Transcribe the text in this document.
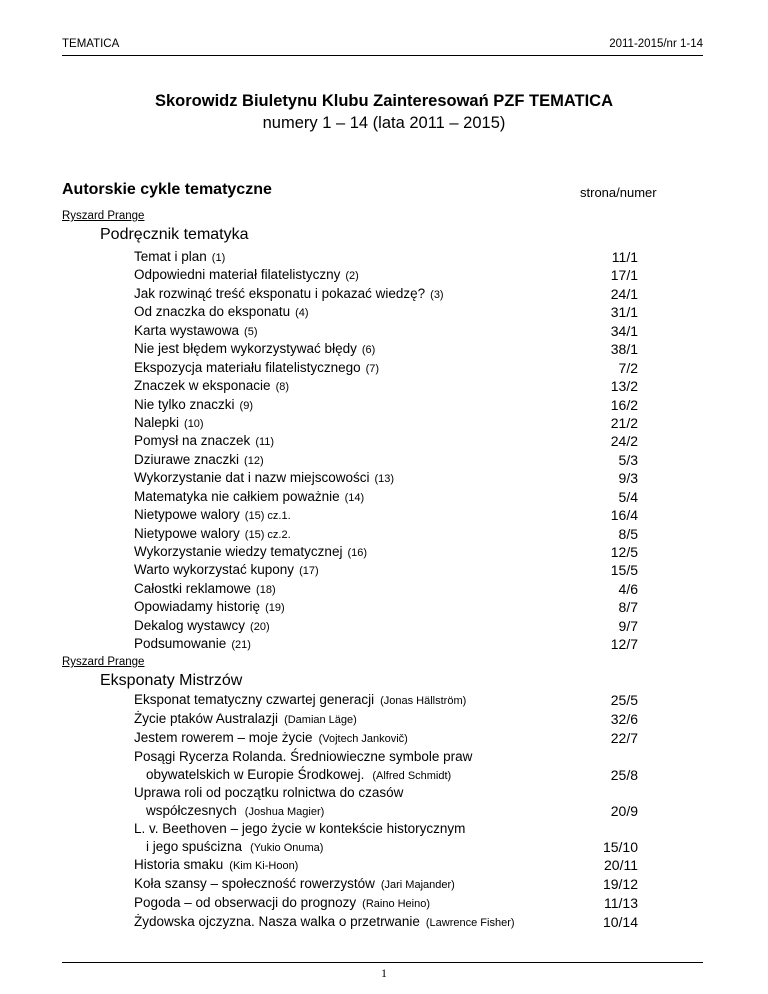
TEMATICA	2011-2015/nr 1-14
Skorowidz Biuletynu Klubu Zainteresowań PZF TEMATICA
numery 1 – 14 (lata 2011 – 2015)
Autorskie cykle tematyczne	strona/numer
Ryszard Prange
Podręcznik tematyka
Temat i plan (1)	11/1
Odpowiedni materiał filatelistyczny (2)	17/1
Jak rozwinąć treść eksponatu i pokazać wiedzę? (3)	24/1
Od znaczka do eksponatu (4)	31/1
Karta wystawowa (5)	34/1
Nie jest błędem wykorzystywać błędy (6)	38/1
Ekspozycja materiału filatelistycznego (7)	7/2
Znaczek w eksponacie (8)	13/2
Nie tylko znaczki (9)	16/2
Nalepki (10)	21/2
Pomysł na znaczek (11)	24/2
Dziurawe znaczki (12)	5/3
Wykorzystanie dat i nazw miejscowości (13)	9/3
Matematyka nie całkiem poważnie (14)	5/4
Nietypowe walory (15) cz.1.	16/4
Nietypowe walory (15) cz.2.	8/5
Wykorzystanie wiedzy tematycznej (16)	12/5
Warto wykorzystać kupony (17)	15/5
Całostki reklamowe (18)	4/6
Opowiadamy historię (19)	8/7
Dekalog wystawcy (20)	9/7
Podsumowanie (21)	12/7
Ryszard Prange
Eksponaty Mistrzów
Eksponat tematyczny czwartej generacji (Jonas Hällström)	25/5
Życie ptaków Australazji (Damian Läge)	32/6
Jestem rowerem – moje życie (Vojtech Jankovič)	22/7
Posągi Rycerza Rolanda. Średniowieczne symbole praw
obywatelskich w Europie Środkowej. (Alfred Schmidt)	25/8
Uprawa roli od początku rolnictwa do czasów
współczesnych (Joshua Magier)	20/9
L. v. Beethoven – jego życie w kontekście historycznym
i jego spuścizna (Yukio Onuma)	15/10
Historia smaku (Kim Ki-Hoon)	20/11
Koła szansy – społeczność rowerzystów (Jari Majander)	19/12
Pogoda – od obserwacji do prognozy (Raino Heino)	11/13
Żydowska ojczyzna. Nasza walka o przetrwanie (Lawrence Fisher)	10/14
1
